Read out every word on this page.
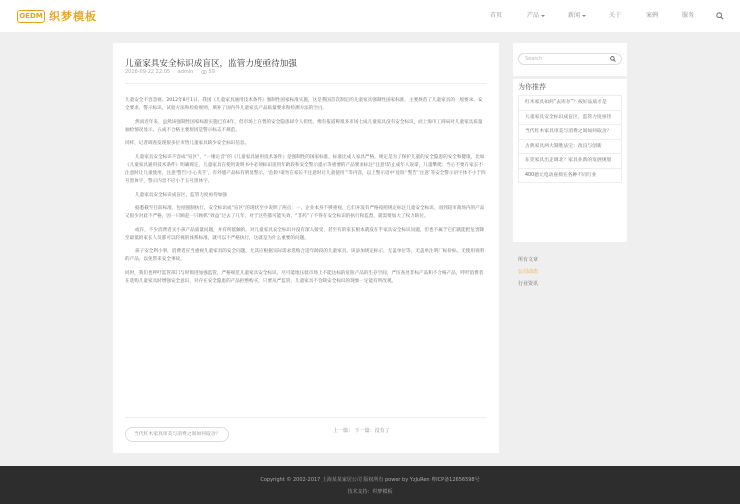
OEDM 织梦模板	首页	产品	新闻	关于	案例	服务
儿童家具安全标识成盲区，监管力度亟待加强
2016-09-22 22:05 admin	59

儿童安全不容忽视。2012年8月1日，我国《儿童家具通用技术条件》强制性国家标准实施，这是我国首次制定的儿童家具强制性国家标准，主要规范了儿童家具的一般要求、安全要求、警示标识、试验方法和检验规则，填补了国内外儿童家具产品质量要求和检测方法的空白。

然而近年来，虽然该强制性国家标准实施已有4年，但市场上在售的安全隐患却令人担忧，像有报道称很多市场七成儿童家具没有安全标识，而上海市工商局对儿童家具质量抽检情况显示，五成不合格主要原因是警示标志不规范。

同样，记者调查发现很多位市售儿童家具缺少安全标识信息。

儿童家具安全标识不容成“盲区”，“一锤定音”的《儿童家具通用技术条件》是强制性的国家标准，标准比成人家具严格，规定是为了保护儿童的安全隐患的安全和健康，比如《儿童家具通用技术条件》明确规定，儿童家具在使用说明书中必须标识适用年龄段和安全警示提示等重要的产品要求标注“注意!防止成年人误拿，儿童攀爬；当心不要在家长不注意时让儿童使用，注意‘警告!小心夹手’，有外墙产品标有明显警示，‘危险!请勿在家长不注意时让儿童使用’”等内容，以上警示语中‘危险’‘警告’‘注意’等安全警示语字体不小于四号黑体字，警示内容不应小于五号黑体字。

儿童家具安全标识成盲区，监管力度亟待加强

据悉截至目前标准，包括强制执行，安全标识成“盲区”的现状至少说明了两点：一，企业本身不够重视，它们并没有严格按照规定标注儿童安全标识，而到超市商场内的产品又很少对此不严格，因一只顾赶一只顾抓“效益”过去了几年，对于这些都可能失效，“非药”了不得在安全标识的执行和监督，就需要加大了权力缺位。

或许，不少消费者买小孩产品质量问题，并有所抵触的，对儿童家具安全标识并没有深入接受，甚至有的家长根本就没在乎家具安全标识问题，但也不属于它们就能把危害降至最低的家长人员都可以轻视的体系标准，就可以不严格执行，这就是为什么重要的问题。

孩子安全利小事，消费者应当重视儿童家具的安全问题，尤其应根据实际需求选购合适年龄段的儿童家具，该添加规定标示，无盖单位等，无盖单注明厂标价标，无使用说明的产品，以免带来安全事故。

同时，我们也呼吁监管部门与时俱进加强监管，严格规范儿童家具安全标识，尽可能地压低市场上不能达标的危险产品的生存空间，严厉查处非标产品和不合格产品，呼吁消费者在选购儿童家具时增强安全意识，对存在安全隐患的产品拒绝购买，只要从严监管，儿童家具不会缺安全标识的现象一定能有所改观。

当代红木家具审美与消费之间如何取舍？
上一篇： 下一篇：没有了
Search
为你推荐
红木家具如何“去库存”？按好品质才是
儿童家具安全标识成盲区，监管力度亟待
当代红木家具审美与消费之间如何取舍？
古典家具两大制胜法宝：改良与创新
东莞家具出走调北？家具业新的发展规划
400德元电动座椅在各种不同行业
所有文章
公司动态
行业资讯
Copyright © 2002-2017 上海某某家居公司 版权所有 power by YzJuRen 粤ICP备12656598号
技术支持：织梦模板
